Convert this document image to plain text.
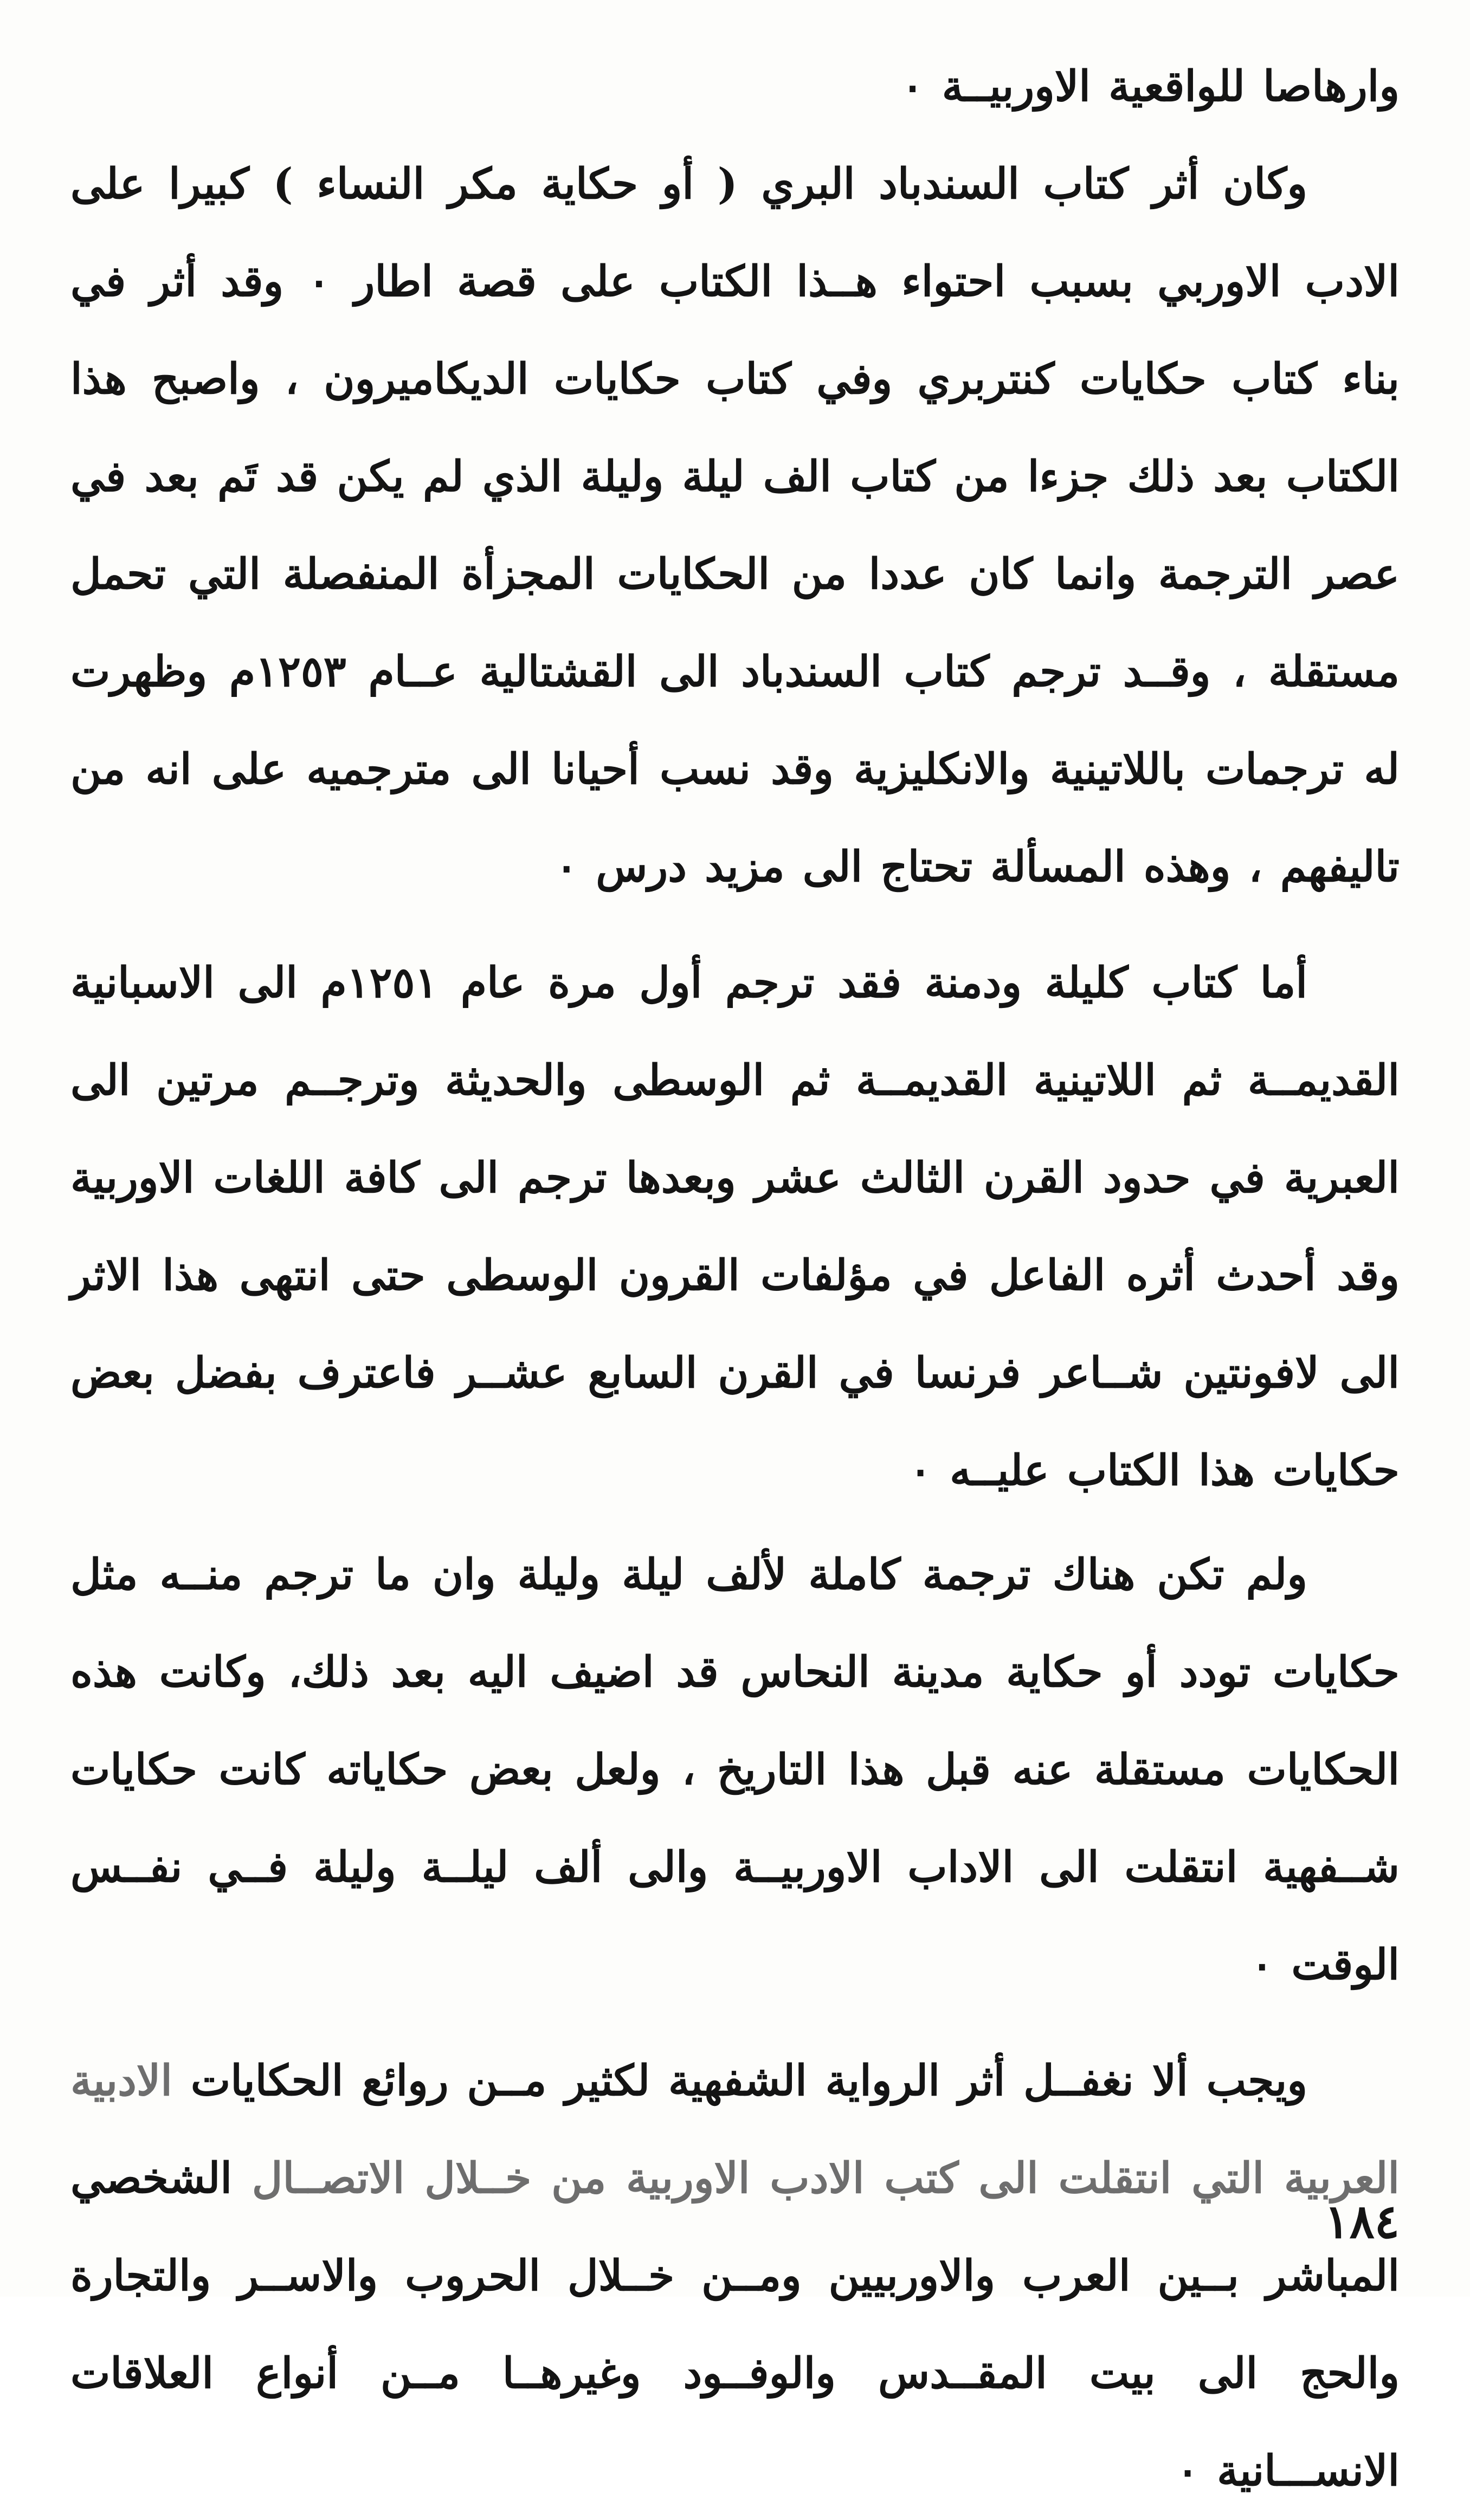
وارهاصا للواقعية الاوربيــة ٠

وكان أثر كتاب السندباد البري ( أو حكاية مكر النساء ) كبيرا على الادب الاوربي بسبب احتواء هــذا الكتاب على قصة اطار ٠ وقد أثر في بناء كتاب حكايات كنتربري وفي كتاب حكايات الديكاميرون ، واصبح هذا الكتاب بعد ذلك جزءا من كتاب الف ليلة وليلة الذي لم يكن قد تَم بعد في عصر الترجمة وانما كان عددا من الحكايات المجزأة المنفصلة التي تحمل مستقلة ، وقــد ترجم كتاب السندباد الى القشتالية عــام ١٢٥٣م وظهرت له ترجمات باللاتينية والانكليزية وقد نسب أحيانا الى مترجميه على انه من تاليفهم ، وهذه المسألة تحتاج الى مزيد درس ٠

أما كتاب كليلة ودمنة فقد ترجم أول مرة عام ١٢٥١م الى الاسبانية القديمــة ثم اللاتينية القديمــة ثم الوسطى والحديثة وترجــم مرتين الى العبرية في حدود القرن الثالث عشر وبعدها ترجم الى كافة اللغات الاوربية وقد أحدث أثره الفاعل في مؤلفات القرون الوسطى حتى انتهى هذا الاثر الى لافونتين شــاعر فرنسا في القرن السابع عشــر فاعترف بفضل بعض حكايات هذا الكتاب عليــه ٠

ولم تكن هناك ترجمة كاملة لألف ليلة وليلة وان ما ترجم منــه مثل حكايات تودد أو حكاية مدينة النحاس قد اضيف اليه بعد ذلك، وكانت هذه الحكايات مستقلة عنه قبل هذا التاريخ ، ولعل بعض حكاياته كانت حكايات شــفهية انتقلت الى الاداب الاوربيــة والى ألف ليلــة وليلة فــي نفــس الوقت ٠

ويجب ألا نغفــل أثر الرواية الشفهية لكثير مــن روائع الحكايات الادبية العربية التي انتقلت الى كتب الادب الاوربية من خــلال الاتصــال الشخصي المباشر بــين العرب والاوربيين ومــن خــلال الحروب والاســر والتجارة والحج الى بيت المقــدس والوفــود وغيرهــا مــن أنواع العلاقات الانســـانية ٠

١٨٤
